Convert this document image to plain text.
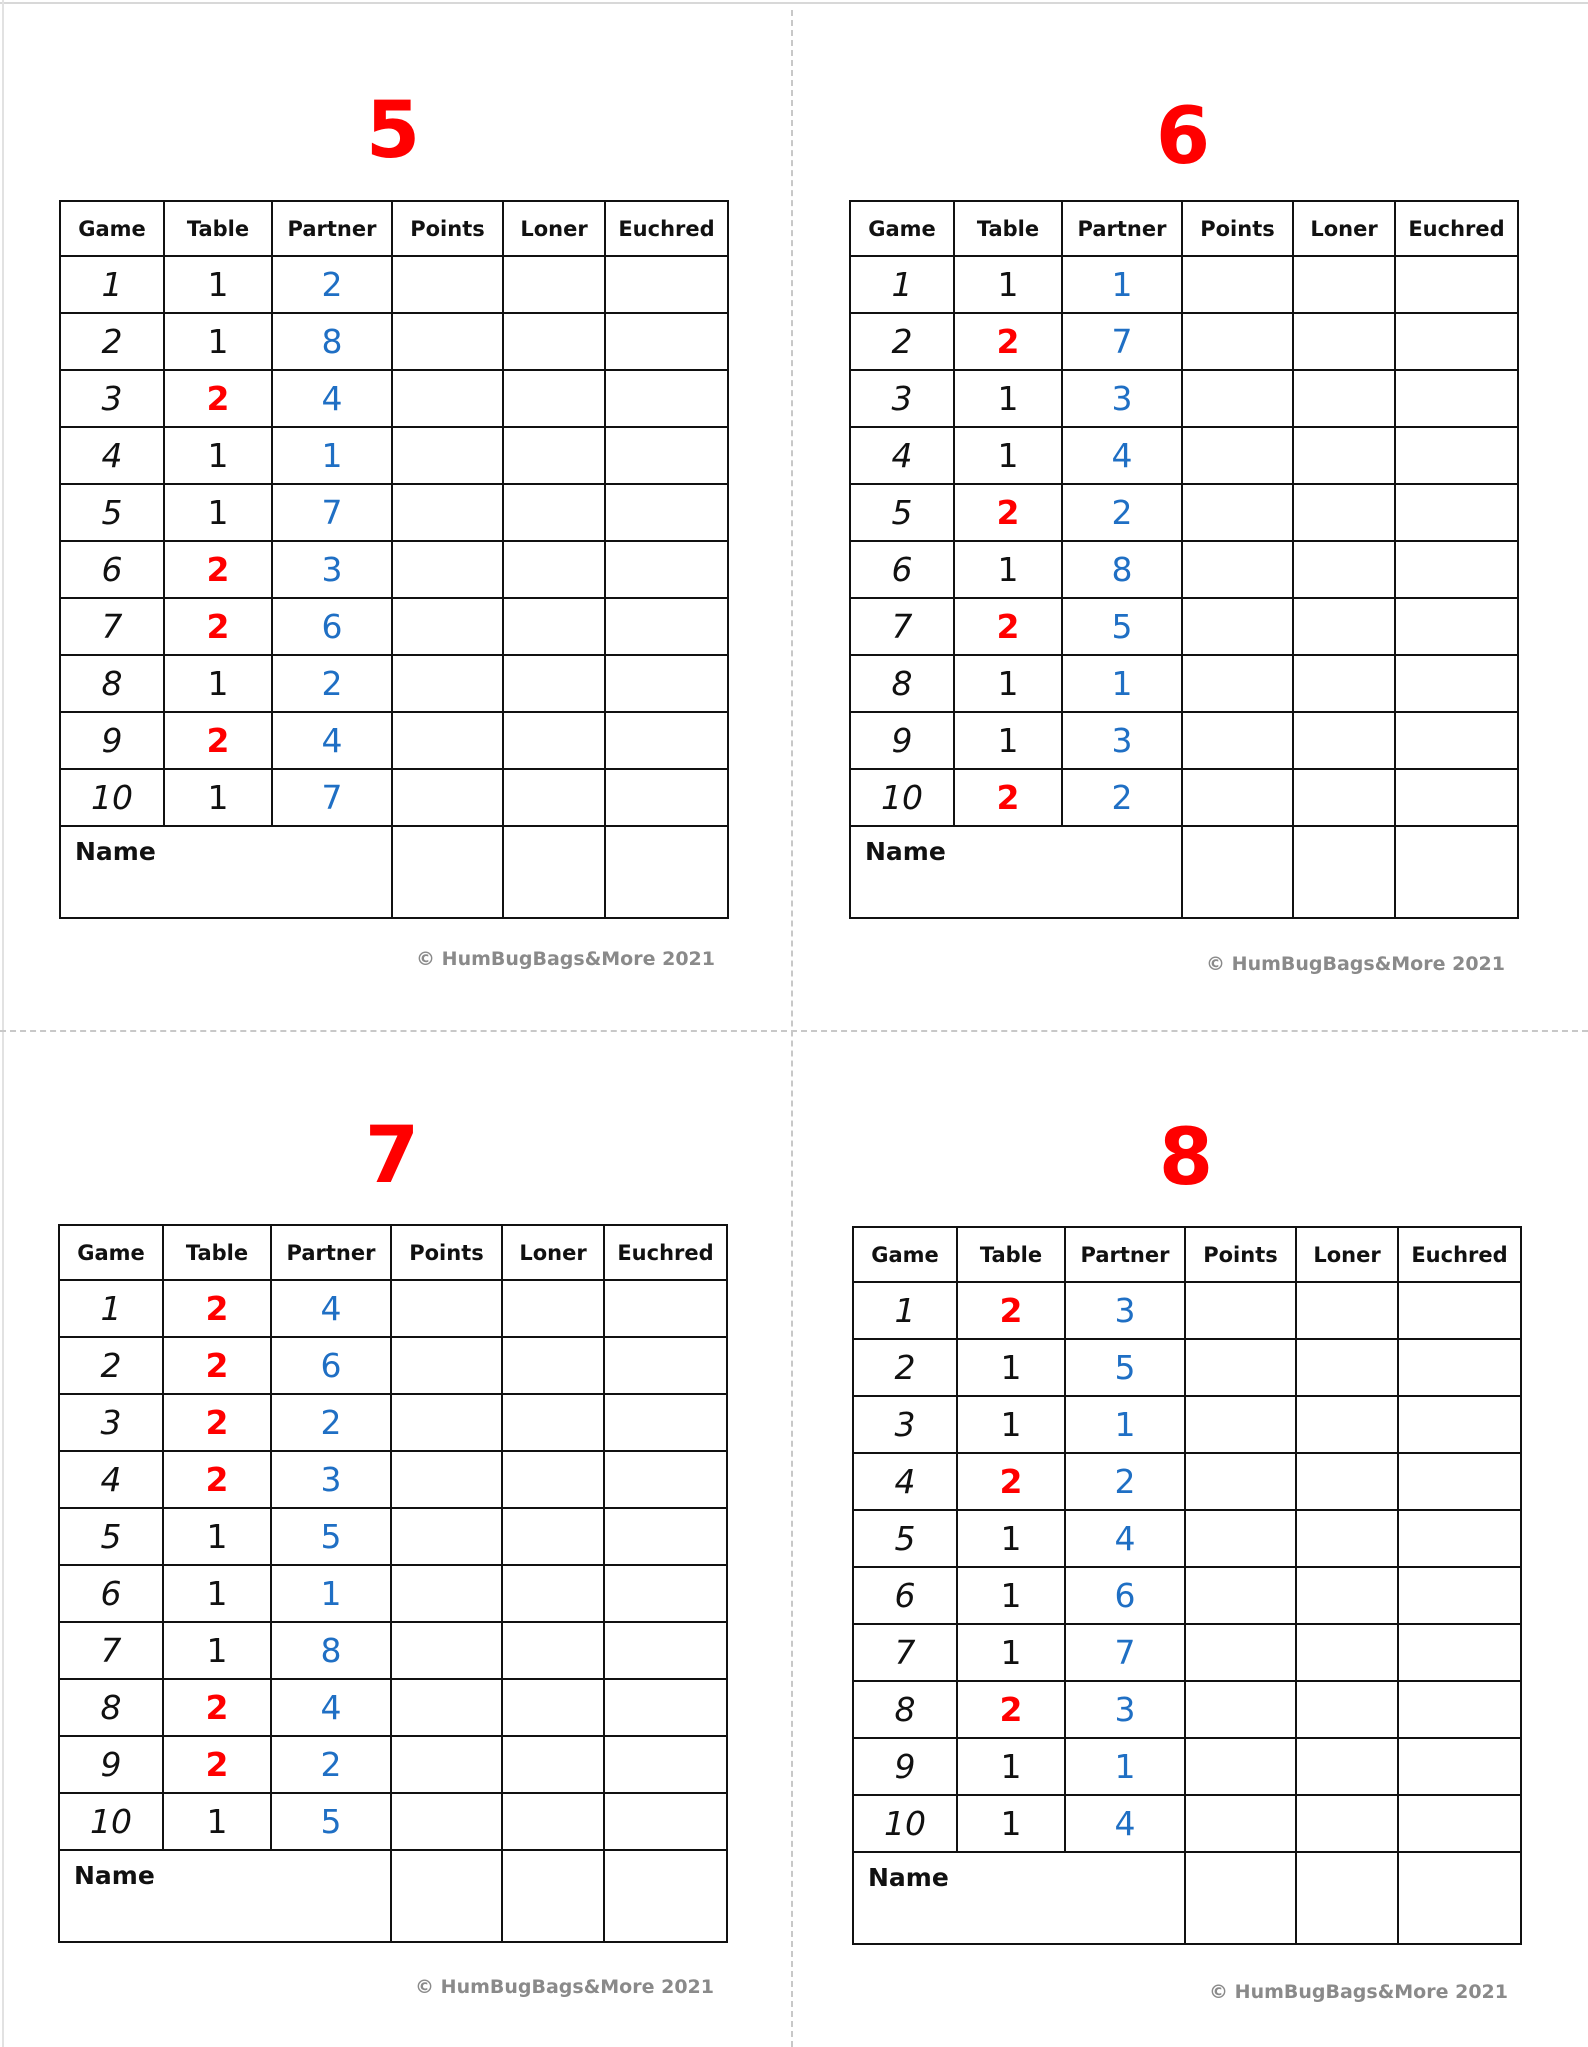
5
Game	Table	Partner	Points	Loner	Euchred
1	1	2			
2	1	8			
3	2	4			
4	1	1			
5	1	7			
6	2	3			
7	2	6			
8	1	2			
9	2	4			
10	1	7			
Name					
© HumBugBags&More 2021
6
Game	Table	Partner	Points	Loner	Euchred
1	1	1			
2	2	7			
3	1	3			
4	1	4			
5	2	2			
6	1	8			
7	2	5			
8	1	1			
9	1	3			
10	2	2			
Name					
© HumBugBags&More 2021
7
Game	Table	Partner	Points	Loner	Euchred
1	2	4			
2	2	6			
3	2	2			
4	2	3			
5	1	5			
6	1	1			
7	1	8			
8	2	4			
9	2	2			
10	1	5			
Name					
© HumBugBags&More 2021
8
Game	Table	Partner	Points	Loner	Euchred
1	2	3			
2	1	5			
3	1	1			
4	2	2			
5	1	4			
6	1	6			
7	1	7			
8	2	3			
9	1	1			
10	1	4			
Name					
© HumBugBags&More 2021
